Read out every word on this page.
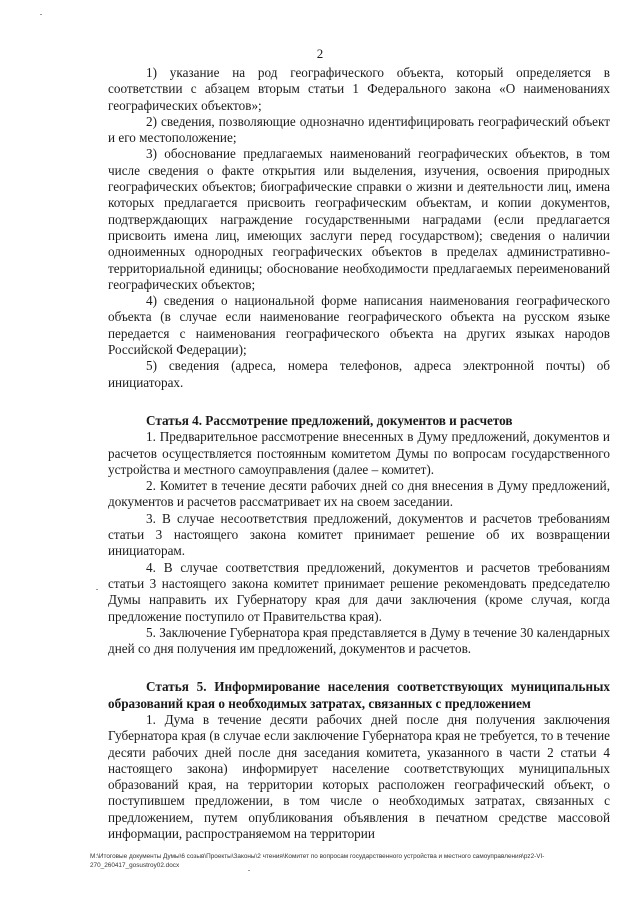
2

1) указание на род географического объекта, который определяется в соответствии с абзацем вторым статьи 1 Федерального закона «О наименованиях географических объектов»;

2) сведения, позволяющие однозначно идентифицировать географический объект и его местоположение;

3) обоснование предлагаемых наименований географических объектов, в том числе сведения о факте открытия или выделения, изучения, освоения природных географических объектов; биографические справки о жизни и деятельности лиц, имена которых предлагается присвоить географическим объектам, и копии документов, подтверждающих награждение государственными наградами (если предлагается присвоить имена лиц, имеющих заслуги перед государством); сведения о наличии одноименных однородных географических объектов в пределах административно-территориальной единицы; обоснование необходимости предлагаемых переименований географических объектов;

4) сведения о национальной форме написания наименования географического объекта (в случае если наименование географического объекта на русском языке передается с наименования географического объекта на других языках народов Российской Федерации);

5) сведения (адреса, номера телефонов, адреса электронной почты) об инициаторах.

Статья 4. Рассмотрение предложений, документов и расчетов

1. Предварительное рассмотрение внесенных в Думу предложений, документов и расчетов осуществляется постоянным комитетом Думы по вопросам государственного устройства и местного самоуправления (далее – комитет).

2. Комитет в течение десяти рабочих дней со дня внесения в Думу предложений, документов и расчетов рассматривает их на своем заседании.

3. В случае несоответствия предложений, документов и расчетов требованиям статьи 3 настоящего закона комитет принимает решение об их возвращении инициаторам.

4. В случае соответствия предложений, документов и расчетов требованиям статьи 3 настоящего закона комитет принимает решение рекомендовать председателю Думы направить их Губернатору края для дачи заключения (кроме случая, когда предложение поступило от Правительства края).

5. Заключение Губернатора края представляется в Думу в течение 30 календарных дней со дня получения им предложений, документов и расчетов.

Статья 5. Информирование населения соответствующих муниципальных образований края о необходимых затратах, связанных с предложением

1. Дума в течение десяти рабочих дней после дня получения заключения Губернатора края (в случае если заключение Губернатора края не требуется, то в течение десяти рабочих дней после дня заседания комитета, указанного в части 2 статьи 4 настоящего закона) информирует население соответствующих муниципальных образований края, на территории которых расположен географический объект, о поступившем предложении, в том числе о необходимых затратах, связанных с предложением, путем опубликования объявления в печатном средстве массовой информации, распространяемом на территории

M:\Итоговые документы Думы\6 созыв\Проекты\Законы\2 чтения\Комитет по вопросам государственного устройства и местного самоуправления\pz2-VI-
270_260417_gosustroy02.docx
